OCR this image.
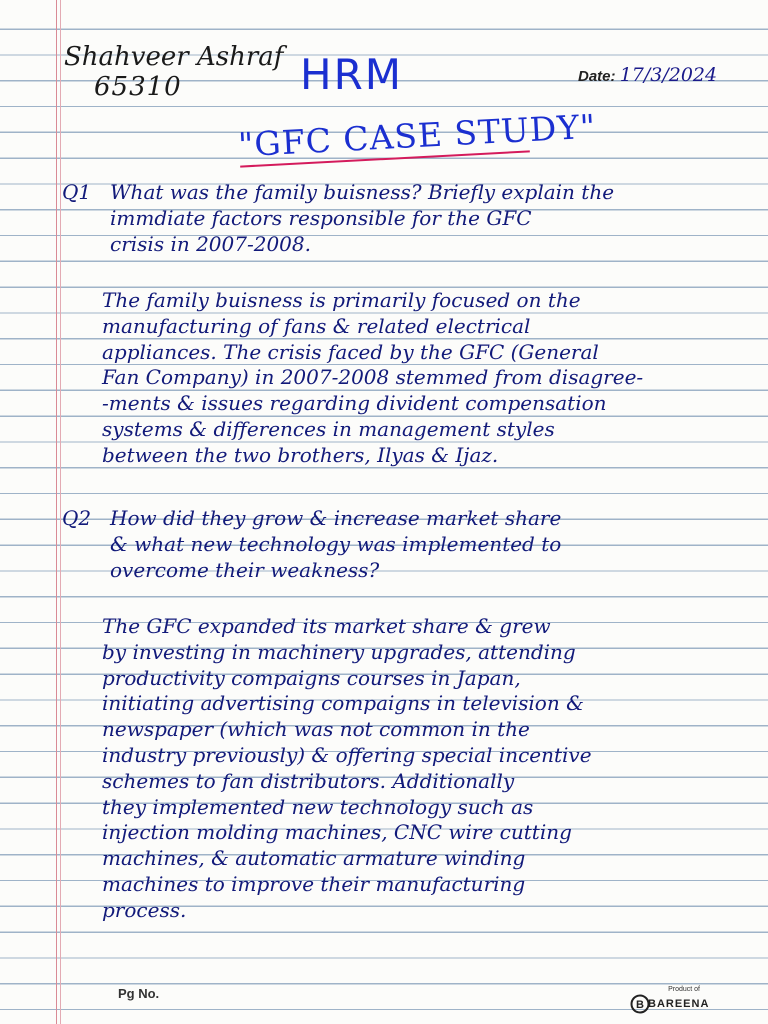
Shahveer Ashraf
65310	HRM	Date: 17/3/2024
"GFC CASE STUDY"
Q1 What was the family buisness? Briefly explain the
immdiate factors responsible for the GFC
crisis in 2007-2008.
The family buisness is primarily focused on the
manufacturing of fans & related electrical
appliances. The crisis faced by the GFC (General
Fan Company) in 2007-2008 stemmed from disagree-
-ments & issues regarding divident compensation
systems & differences in management styles
between the two brothers, Ilyas & Ijaz.
Q2 How did they grow & increase market share
& what new technology was implemented to
overcome their weakness?
The GFC expanded its market share & grew
by investing in machinery upgrades, attending
productivity compaigns courses in Japan,
initiating advertising compaigns in television &
newspaper (which was not common in the
industry previously) & offering special incentive
schemes to fan distributors. Additionally
they implemented new technology such as
injection molding machines, CNC wire cutting
machines, & automatic armature winding
machines to improve their manufacturing
process.
Pg No.	Product of
B BAREENA
